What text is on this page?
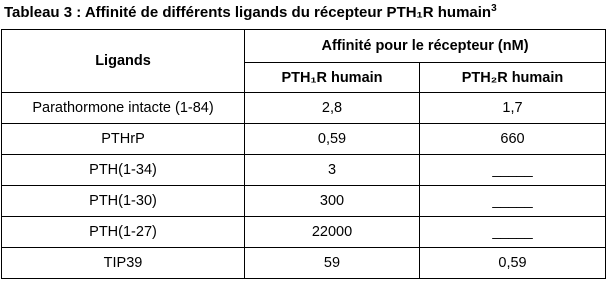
Tableau 3 : Affinité de différents ligands du récepteur PTH₁R humain$^3$
Ligands	Affinité pour le récepteur (nM)	
	PTH₁R humain	PTH₂R humain
Parathormone intacte (1-84)	2,8	1,7
PTHrP	0,59	660
PTH(1-34)	3	_____
PTH(1-30)	300	_____
PTH(1-27)	22000	_____
TIP39	59	0,59
